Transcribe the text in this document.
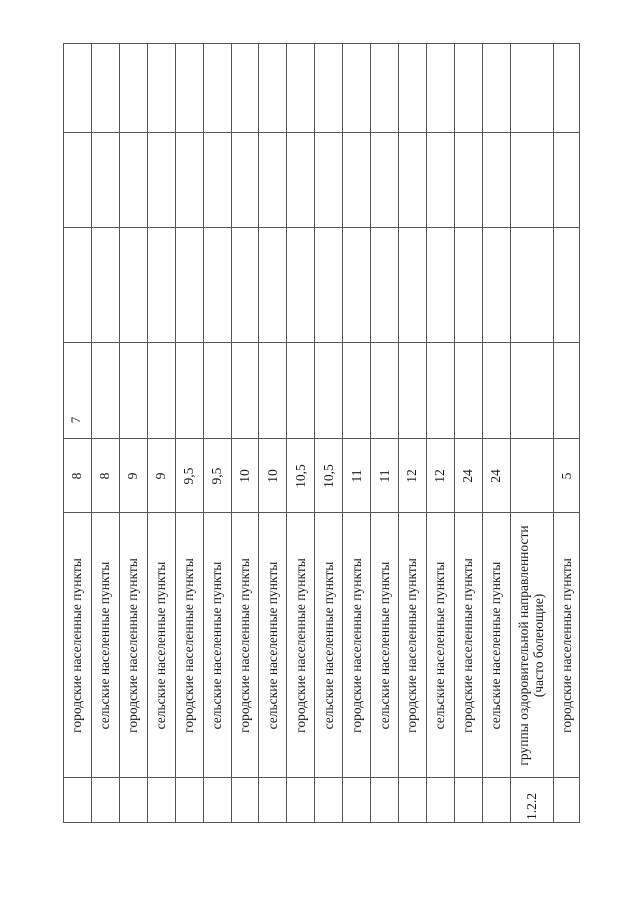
7
городские населенные пункты
8
сельские населенные пункты
8
городские населенные пункты
9
сельские населенные пункты
9
городские населенные пункты
9,5
сельские населенные пункты
9,5
городские населенные пункты
10
сельские населенные пункты
10
городские населенные пункты
10,5
сельские населенные пункты
10,5
городские населенные пункты
11
сельские населенные пункты
11
городские населенные пункты
12
сельские населенные пункты
12
городские населенные пункты
24
сельские населенные пункты
24
1.2.2
группы оздоровительной направленности (часто болеющие) городские населенные пункты
5
